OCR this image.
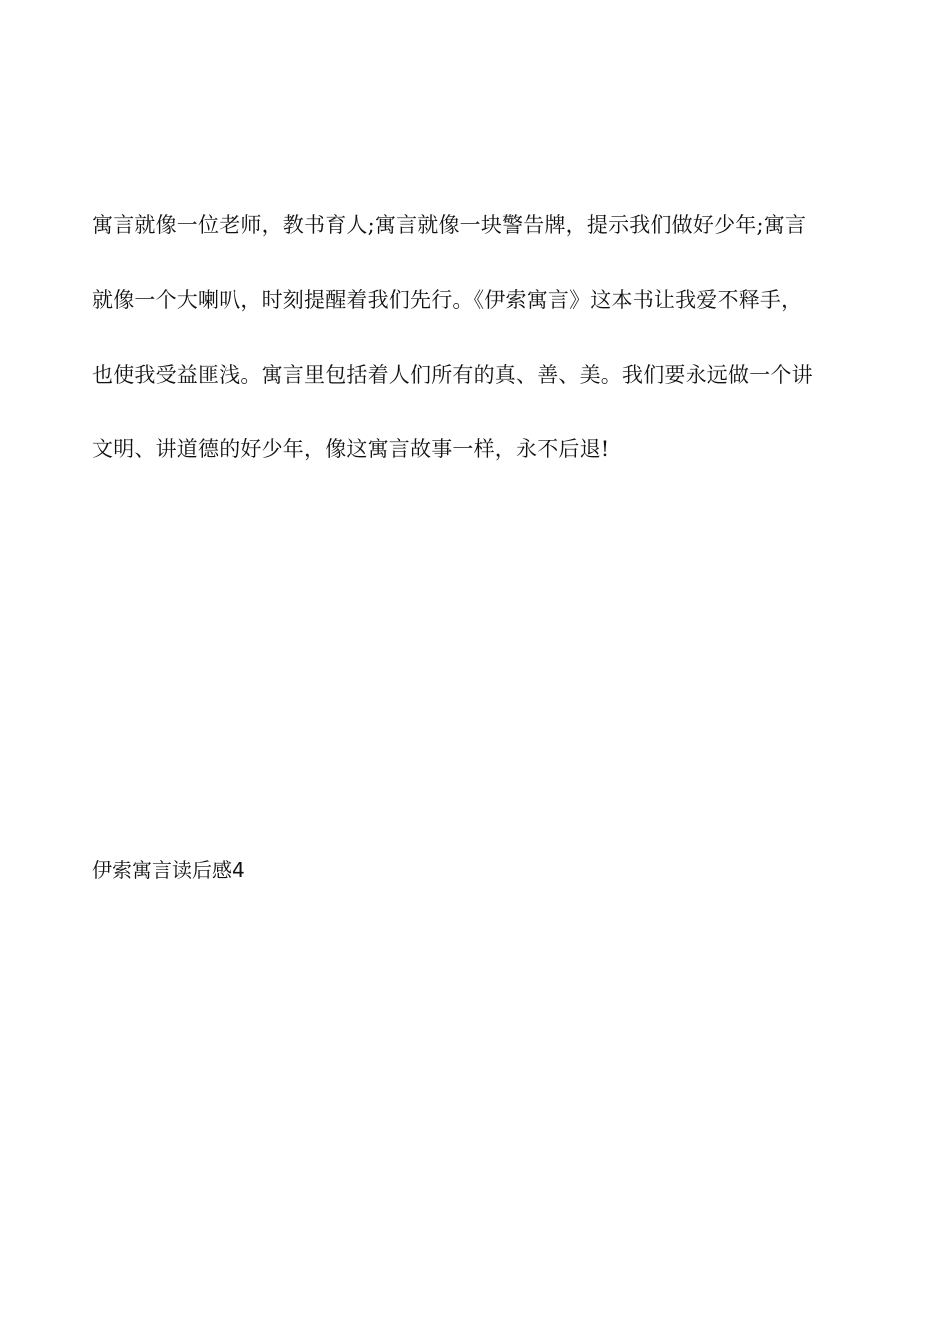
寓言就像一位老师，教书育人;寓言就像一块警告牌，提示我们做好少年;寓言
就像一个大喇叭，时刻提醒着我们先行。《伊索寓言》这本书让我爱不释手，
也使我受益匪浅。寓言里包括着人们所有的真、善、美。我们要永远做一个讲
文明、讲道德的好少年，像这寓言故事一样，永不后退!
伊索寓言读后感4
